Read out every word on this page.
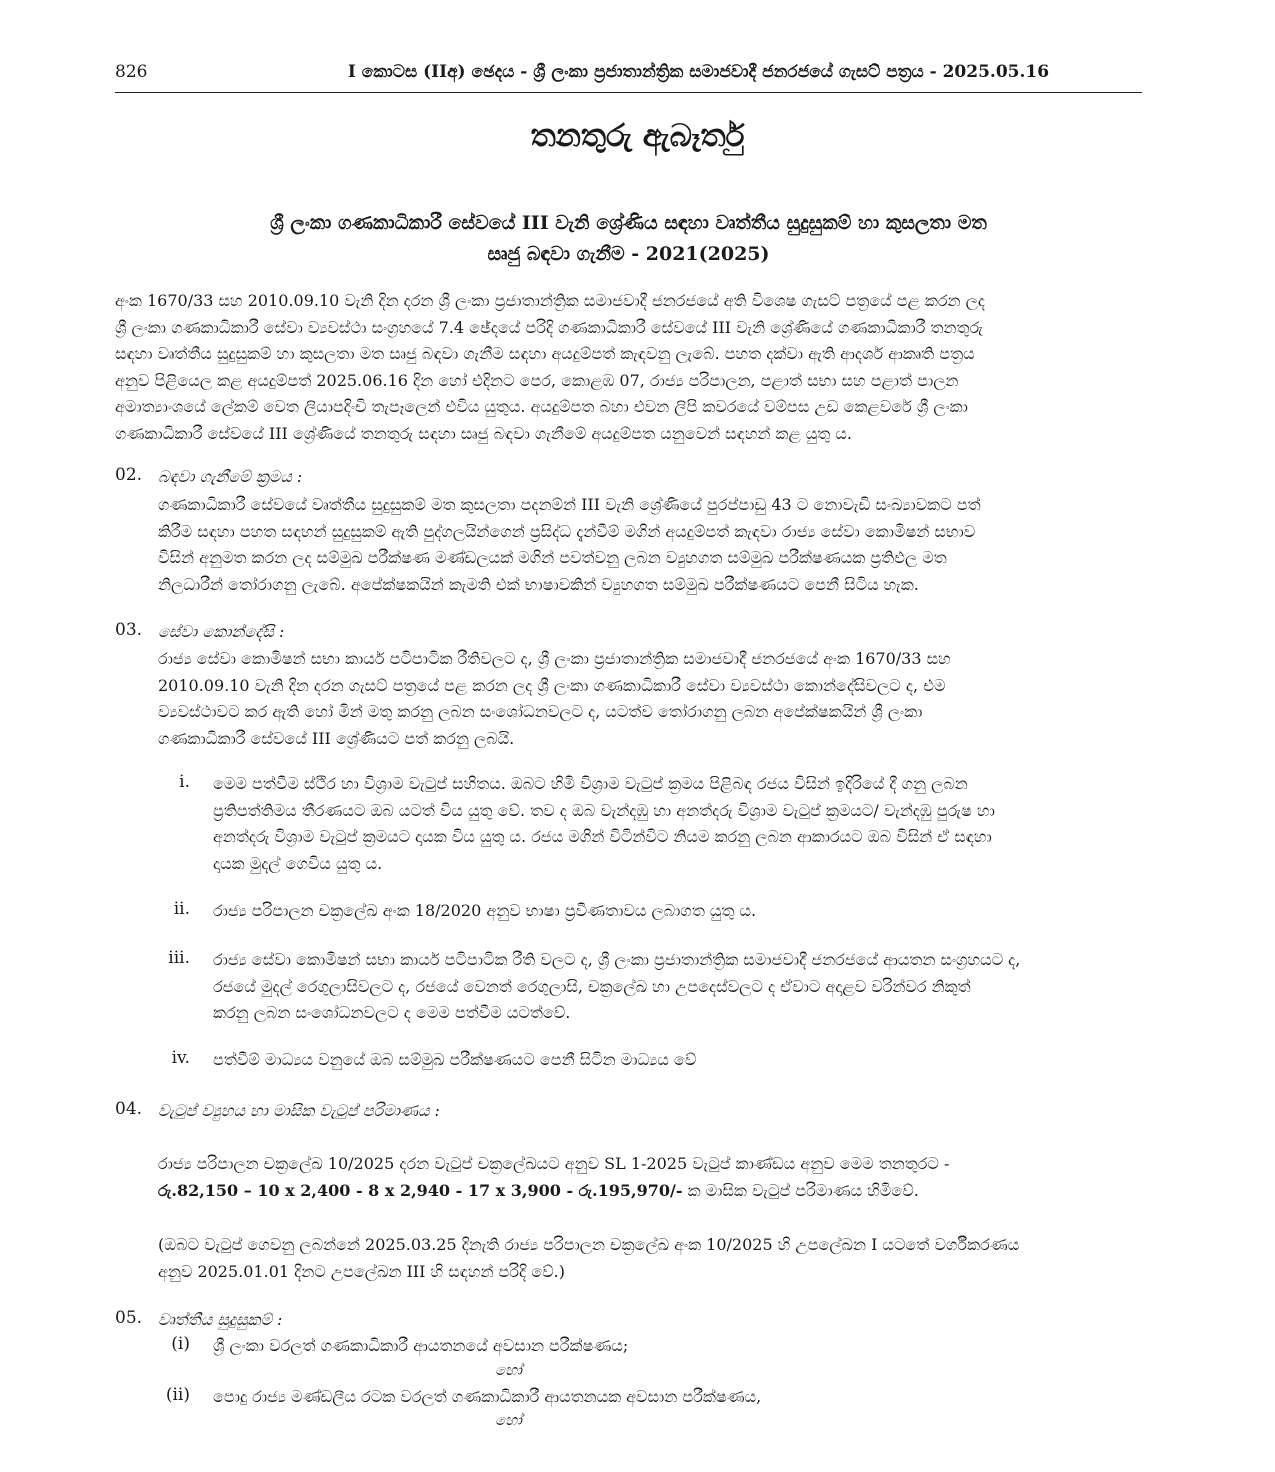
826	I කොටස (IIඅ) ඡෙදය - ශ්‍රී ලංකා ප්‍රජාතාන්ත්‍රික සමාජවාදී ජනරජයේ ගැසට් පත්‍රය - 2025.05.16
තනතුරු ඇබෑර්තු
ශ්‍රී ලංකා ගණකාධිකාරී සේවයේ III වැනි ශ්‍රේණිය සඳහා වෘත්තීය සුදුසුකම් හා කුසලතා මත
සෘජු බඳවා ගැනීම - 2021(2025)
අංක 1670/33 සහ 2010.09.10 වැනි දින දරන ශ්‍රී ලංකා ප්‍රජාතාන්ත්‍රික සමාජවාදී ජනරජයේ අති විශෙෂ ගැසට් පත්‍රයේ පළ කරන ලද
ශ්‍රී ලංකා ගණකාධිකාරී සේවා ව්‍යවස්ථා සංග්‍රහයේ 7.4 ඡේදයේ පරිදි ගණකාධිකාරී සේවයේ III වැනි ශ්‍රේණියේ ගණකාධිකාරී තනතුරු
සඳහා වෘත්තීය සුදුසුකම් හා කුසලතා මත සෘජු බඳවා ගැනීම සඳහා අයදුම්පත් කැඳවනු ලැබේ. පහත දක්වා ඇති ආදර්ශ ආකෘති පත්‍රය
අනුව පිළියෙල කළ අයදුම්පත් 2025.06.16 දින හෝ එදිනට පෙර, කොළඹ 07, රාජ්‍ය පරිපාලන, පළාත් සභා සහ පළාත් පාලන
අමාත්‍යාංශයේ ලේකම් වෙත ලියාපදිංචි තැපෑලෙන් එවිය යුතුය. අයදුම්පත බහා එවන ලිපි කවරයේ වම්පස උඩ කෙළවරේ ශ්‍රී ලංකා
ගණකාධිකාරී සේවයේ III ශ්‍රේණියේ තනතුරු සඳහා සෘජු බඳවා ගැනීමේ අයදුම්පත යනුවෙන් සඳහන් කළ යුතු ය.
02. බඳවා ගැනීමේ ක්‍රමය :
ගණකාධිකාරී සේවයේ වෘත්තීය සුදුසුකම් මත කුසලතා පදනම්න් III වැනි ශ්‍රේණියේ පුරප්පාඩු 43 ට නොවැඩි සංඛ්‍යාවකට පත්
කිරීම සඳහා පහත සඳහන් සුදුසුකම් ඇති පුද්ගලයින්ගෙන් ප්‍රසිද්ධ දැන්වීම් මගින් අයදුම්පත් කැඳවා රාජ්‍ය සේවා කොමිෂන් සභාව
විසින් අනුමත කරන ලද සම්මුඛ පරීක්ෂණ මණ්ඩලයක් මගින් පවත්වනු ලබන ව්‍යුහගත සම්මුඛ පරීක්ෂණයක ප්‍රතිඵල මත
නිලධාරීන් තෝරාගනු ලැබේ. අපේක්ෂකයින් කැමති එක් භාෂාවකින් ව්‍යුහගත සම්මුඛ පරීක්ෂණයට පෙනී සිටිය හැක.
03. සේවා කොන්දේසි :
රාජ්‍ය සේවා කොමිෂන් සභා කාර්ය පටිපාටික රීතිවලට ද, ශ්‍රී ලංකා ප්‍රජාතාන්ත්‍රික සමාජවාදී ජනරජයේ අංක 1670/33 සහ
2010.09.10 වැනි දින දරන ගැසට් පත්‍රයේ පළ කරන ලද ශ්‍රී ලංකා ගණකාධිකාරී සේවා ව්‍යවස්ථා කොන්දේසිවලට ද, එම
ව්‍යවස්ථාවට කර ඇති හෝ මින් මතු කරනු ලබන සංශෝධනවලට ද, යටත්ව තෝරාගනු ලබන අපේක්ෂකයින් ශ්‍රී ලංකා
ගණකාධිකාරී සේවයේ III ශ්‍රේණියට පත් කරනු ලබයි.
i. මෙම පත්වීම ස්ථිර හා විශ්‍රාම වැටුප් සහිතය. ඔබට හිමි විශ්‍රාම වැටුප් ක්‍රමය පිළිබඳ රජය විසින් ඉදිරියේ දී ගනු ලබන
ප්‍රතිපත්තිමය තීරණයට ඔබ යටත් විය යුතු වේ. තව ද ඔබ වැන්දඹු හා අනත්දරු විශ්‍රාම වැටුප් ක්‍රමයට/ වැන්දඹු පුරුෂ හා
අනත්දරු විශ්‍රාම වැටුප් ක්‍රමයට දායක විය යුතු ය. රජය මගින් විටින්විට නියම කරනු ලබන ආකාරයට ඔබ විසින් ඒ සඳහා
දායක මුදල් ගෙවිය යුතු ය.
ii. රාජ්‍ය පරිපාලන චක්‍රලේඛ අංක 18/2020 අනුව භාෂා ප්‍රවීණතාවය ලබාගත යුතු ය.
iii. රාජ්‍ය සේවා කොමිෂන් සභා කාර්ය පටිපාටික රීති වලට ද, ශ්‍රී ලංකා ප්‍රජාතාන්ත්‍රික සමාජවාදී ජනරජයේ ආයතන සංග්‍රහයට ද,
රජයේ මුදල් රෙගුලාසිවලට ද, රජයේ වෙනත් රෙගුලාසි, චක්‍රලේඛ හා උපදෙස්වලට ද ඒවාට අදාළව වරින්වර නිකුත්
කරනු ලබන සංශෝධනවලට ද මෙම පත්වීම යටත්වේ.
iv. පත්වීම් මාධ්‍යය වනුයේ ඔබ සම්මුඛ පරීක්ෂණයට පෙනී සිටින මාධ්‍යය වේ
04. වැටුප් ව්‍යුහය හා මාසික වැටුප් පරිමාණය :
රාජ්‍ය පරිපාලන චක්‍රලේඛ 10/2025 දරන වැටුප් චක්‍රලේඛයට අනුව SL 1-2025 වැටුප් කාණ්ඩය අනුව මෙම තනතුරට -
රු.82,150 – 10 x 2,400 - 8 x 2,940 - 17 x 3,900 - රු.195,970/- ක මාසික වැටුප් පරිමාණය හිමිවේ.
(ඔබට වැටුප් ගෙවනු ලබන්නේ 2025.03.25 දිනැති රාජ්‍ය පරිපාලන චක්‍රලේඛ අංක 10/2025 හි උපලේඛන I යටතේ වර්ගීකරණය
අනුව 2025.01.01 දිනට උපලේඛන III හි සඳහන් පරිදි වේ.)
05. වෘත්තීය සුදුසුකම් :
(i) ශ්‍රී ලංකා වරලත් ගණකාධිකාරී ආයතනයේ අවසාන පරීක්ෂණය;
හෝ
(ii) පොදු රාජ්‍ය මණ්ඩලීය රටක වරලත් ගණකාධිකාරී ආයතනයක අවසාන පරීක්ෂණය,
හෝ
